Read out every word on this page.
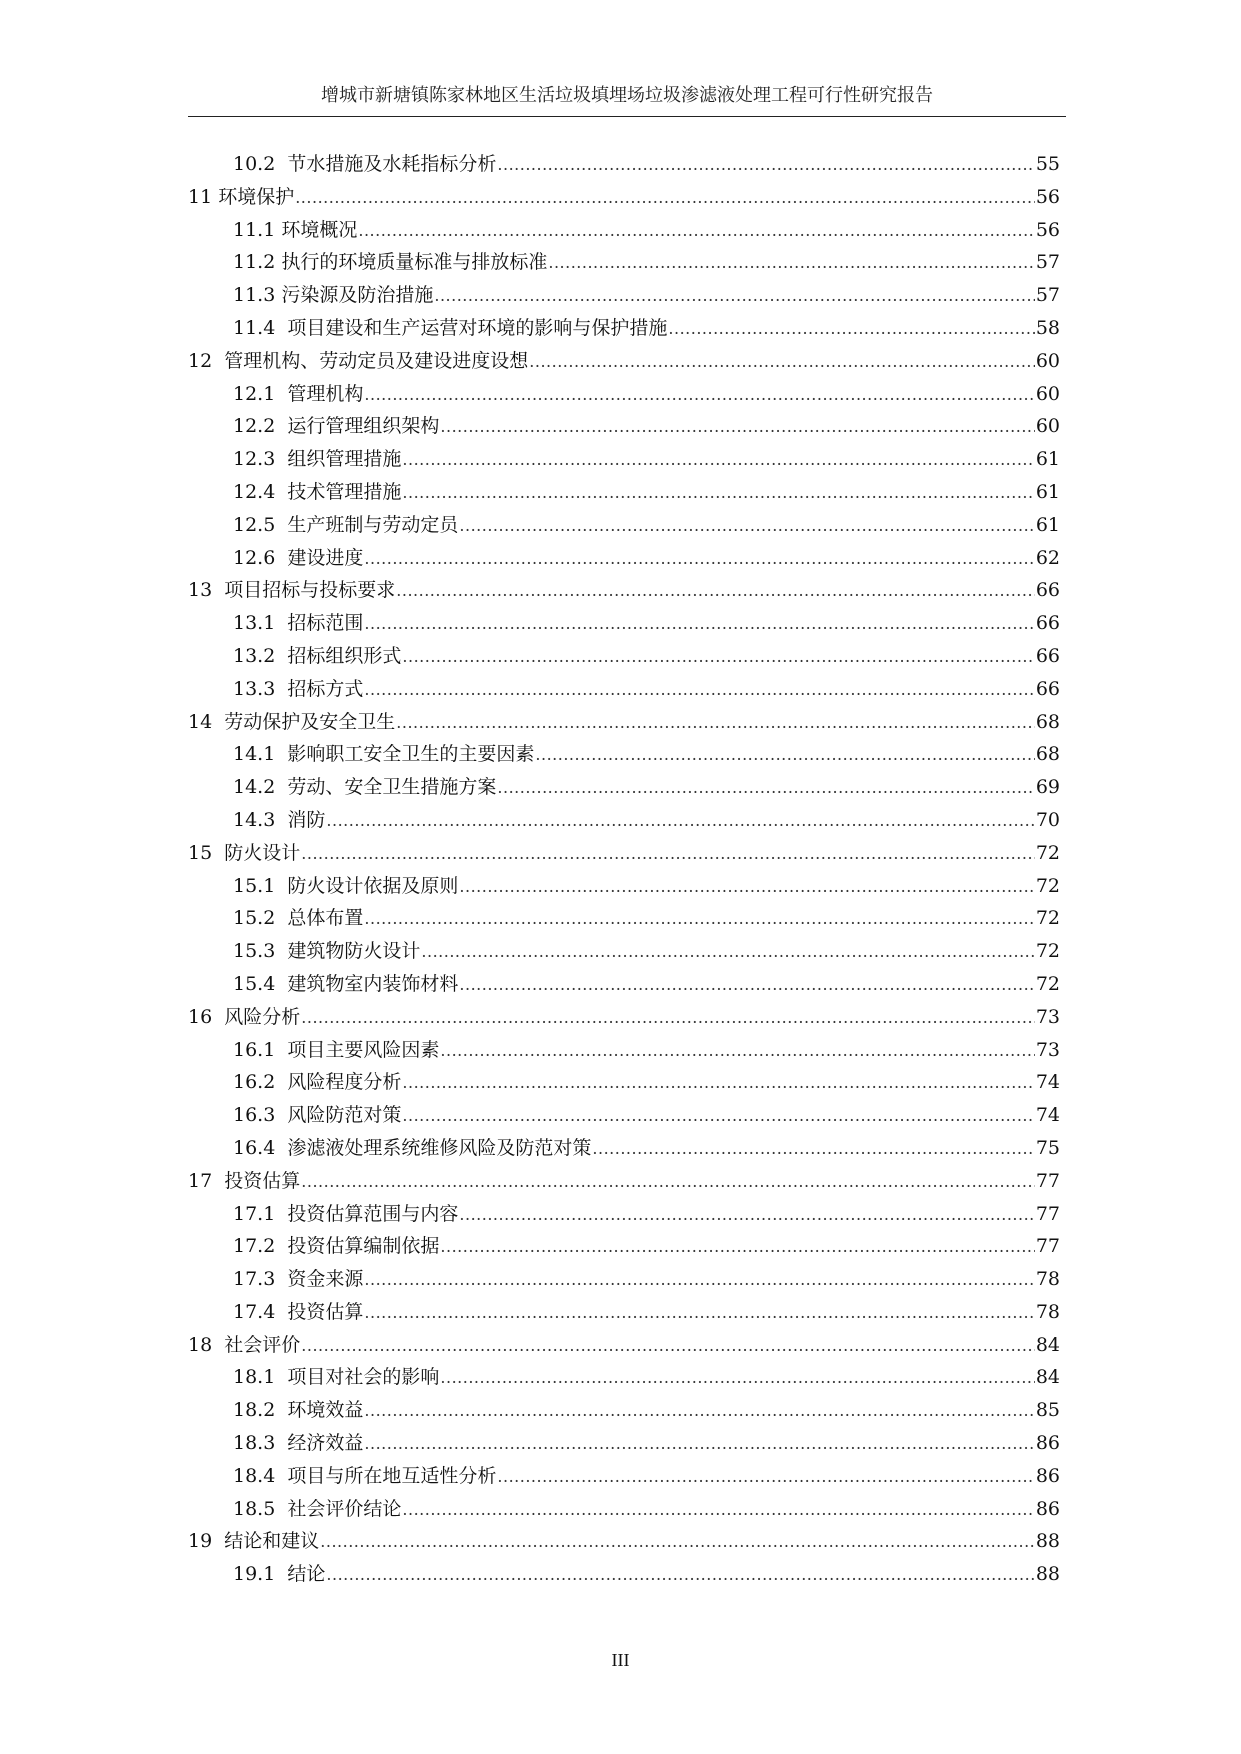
增城市新塘镇陈家林地区生活垃圾填埋场垃圾渗滤液处理工程可行性研究报告
10.2  节水措施及水耗指标分析 .....	55
11 环境保护 .....	56
11.1 环境概况 .....	56
11.2 执行的环境质量标准与排放标准 .....	57
11.3 污染源及防治措施 .....	57
11.4  项目建设和生产运营对环境的影响与保护措施 .....	58
12  管理机构、劳动定员及建设进度设想 .....	60
12.1  管理机构 .....	60
12.2  运行管理组织架构 .....	60
12.3  组织管理措施 .....	61
12.4  技术管理措施 .....	61
12.5  生产班制与劳动定员 .....	61
12.6  建设进度 .....	62
13  项目招标与投标要求 .....	66
13.1  招标范围 .....	66
13.2  招标组织形式 .....	66
13.3  招标方式 .....	66
14  劳动保护及安全卫生 .....	68
14.1  影响职工安全卫生的主要因素 .....	68
14.2  劳动、安全卫生措施方案 .....	69
14.3  消防 .....	70
15  防火设计 .....	72
15.1  防火设计依据及原则 .....	72
15.2  总体布置 .....	72
15.3  建筑物防火设计 .....	72
15.4  建筑物室内装饰材料 .....	72
16  风险分析 .....	73
16.1  项目主要风险因素 .....	73
16.2  风险程度分析 .....	74
16.3  风险防范对策 .....	74
16.4  渗滤液处理系统维修风险及防范对策 .....	75
17  投资估算 .....	77
17.1  投资估算范围与内容 .....	77
17.2  投资估算编制依据 .....	77
17.3  资金来源 .....	78
17.4  投资估算 .....	78
18  社会评价 .....	84
18.1  项目对社会的影响 .....	84
18.2  环境效益 .....	85
18.3  经济效益 .....	86
18.4  项目与所在地互适性分析 .....	86
18.5  社会评价结论 .....	86
19  结论和建议 .....	88
19.1  结论 .....	88
III
